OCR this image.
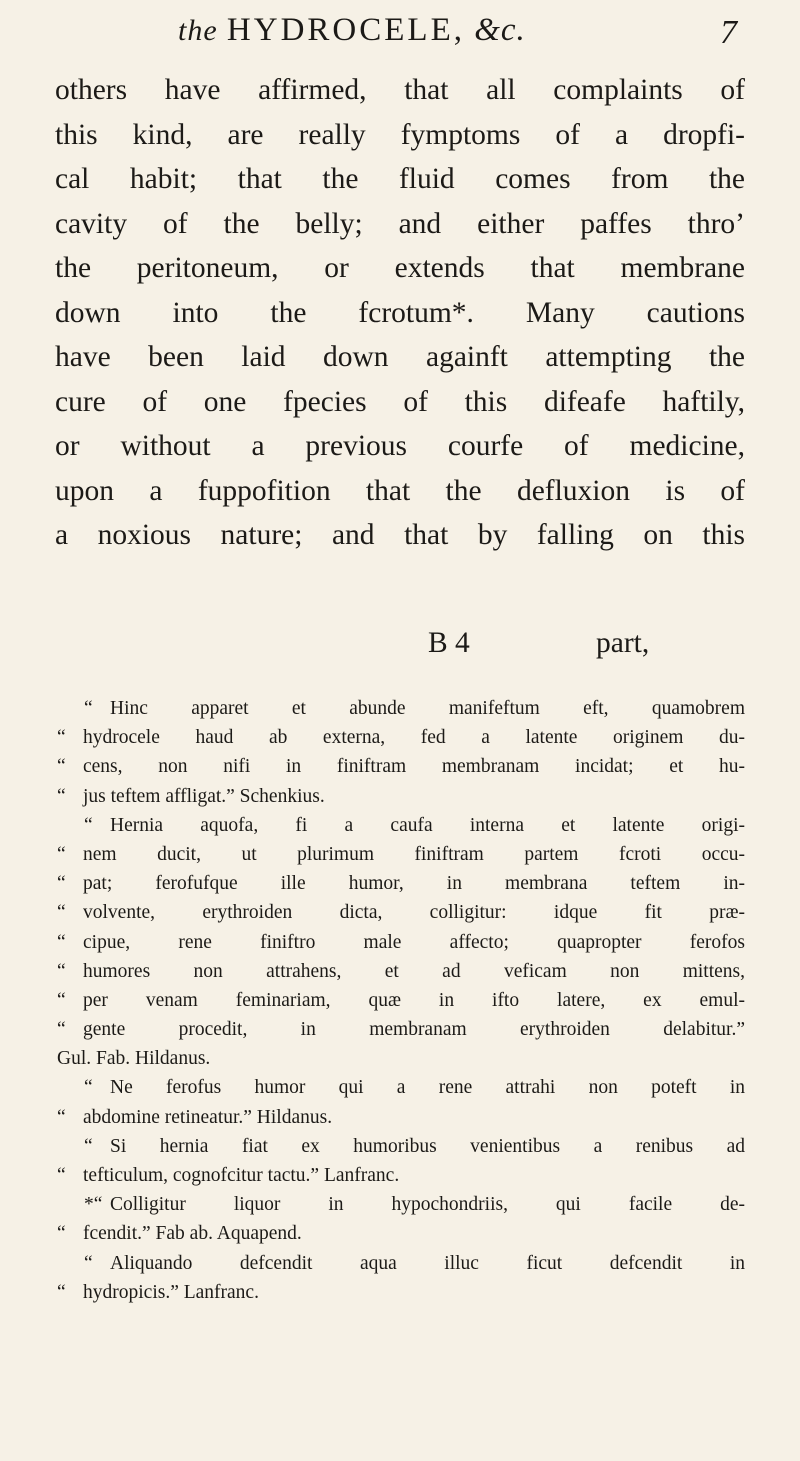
the HYDROCELE, &c.	7
others have affirmed, that all complaints of
this kind, are really fymptoms of a dropfi-
cal habit; that the fluid comes from the
cavity of the belly; and either paffes thro’
the peritoneum, or extends that membrane
down into the fcrotum*. Many cautions
have been laid down againft attempting the
cure of one fpecies of this difeafe haftily,
or without a previous courfe of medicine,
upon a fuppofition that the defluxion is of
a noxious nature; and that by falling on this
B 4	part,
“ Hinc apparet et abunde manifeftum eft, quamobrem
“ hydrocele haud ab externa, fed a latente originem du-
“ cens, non nifi in finiftram membranam incidat; et hu-
“ jus teftem affligat.” Schenkius.
“ Hernia aquofa, fi a caufa interna et latente origi-
“ nem ducit, ut plurimum finiftram partem fcroti occu-
“ pat; ferofufque ille humor, in membrana teftem in-
“ volvente, erythroiden dicta, colligitur: idque fit præ-
“ cipue, rene finiftro male affecto; quapropter ferofos
“ humores non attrahens, et ad veficam non mittens,
“ per venam feminariam, quæ in ifto latere, ex emul-
“ gente procedit, in membranam erythroiden delabitur.”
Gul. Fab. Hildanus.
“ Ne ferofus humor qui a rene attrahi non poteft in
“ abdomine retineatur.” Hildanus.
“ Si hernia fiat ex humoribus venientibus a renibus ad
“ tefticulum, cognofcitur tactu.” Lanfranc.
*“ Colligitur liquor in hypochondriis, qui facile de-
“ fcendit.” Fab ab. Aquapend.
“ Aliquando defcendit aqua illuc ficut defcendit in
“ hydropicis.” Lanfranc.
